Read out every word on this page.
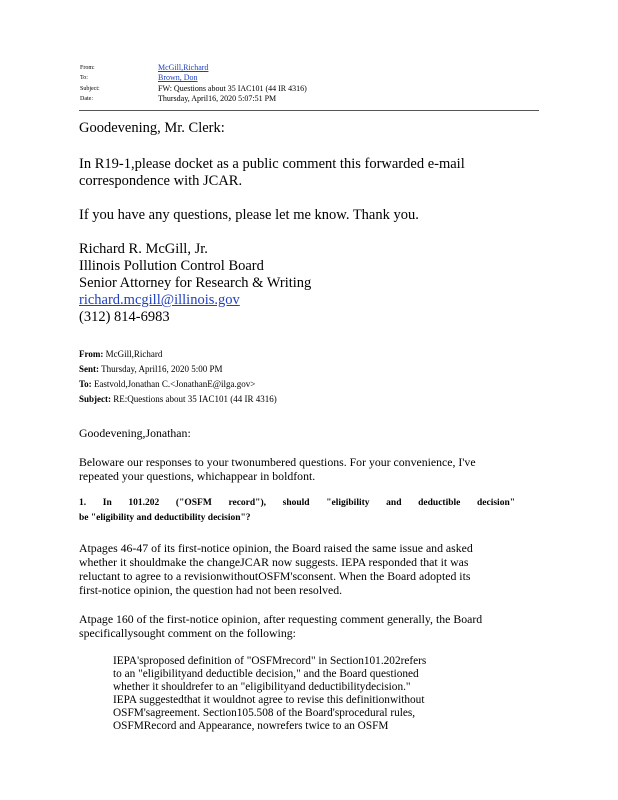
From:	McGill,Richard
To:	Brown, Don
Subject:	FW: Questions about 35 IAC101 (44 IR 4316)
Date:	Thursday, April16, 2020 5:07:51 PM
Goodevening, Mr. Clerk:
In R19-1,please docket as a public comment this forwarded e-mail
correspondence with JCAR.
If you have any questions, please let me know. Thank you.
Richard R. McGill, Jr.
Illinois Pollution Control Board
Senior Attorney for Research & Writing
richard.mcgill@illinois.gov
(312) 814-6983
From: McGill,Richard
Sent: Thursday, April16, 2020 5:00 PM
To: Eastvold,Jonathan C.<JonathanE@ilga.gov>
Subject: RE:Questions about 35 IAC101 (44 IR 4316)
Goodevening,Jonathan:
Beloware our responses to your twonumbered questions. For your convenience, I've
repeated your questions, whichappear in boldfont.
1. In 101.202 ("OSFM record"), should "eligibility and deductible decision"
be "eligibility and deductibility decision"?
Atpages 46-47 of its first-notice opinion, the Board raised the same issue and asked
whether it shouldmake the changeJCAR now suggests. IEPA responded that it was
reluctant to agree to a revisionwithoutOSFM'sconsent. When the Board adopted its
first-notice opinion, the question had not been resolved.
Atpage 160 of the first-notice opinion, after requesting comment generally, the Board
specificallysought comment on the following:
IEPA'sproposed definition of "OSFMrecord" in Section101.202refers
to an "eligibilityand deductible decision," and the Board questioned
whether it shouldrefer to an "eligibilityand deductibilitydecision."
IEPA suggestedthat it wouldnot agree to revise this definitionwithout
OSFM'sagreement. Section105.508 of the Board'sprocedural rules,
OSFMRecord and Appearance, nowrefers twice to an OSFM
